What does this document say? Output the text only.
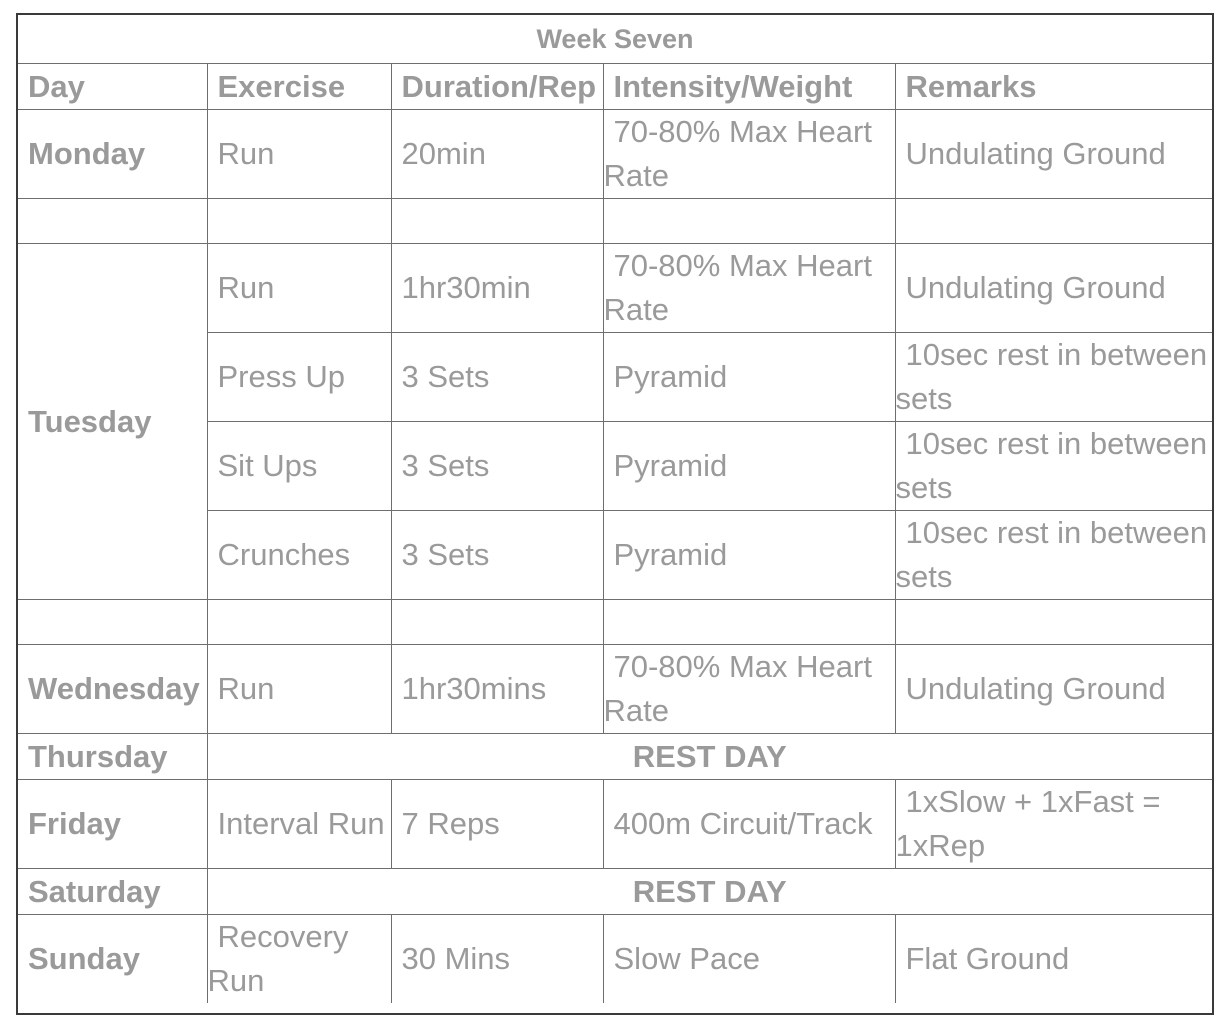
Week Seven				
Day	Exercise	Duration/Rep	Intensity/Weight	Remarks
Monday	Run	20min	70-80% Max Heart Rate	Undulating Ground

Tuesday	Run	1hr30min	70-80% Max Heart Rate	Undulating Ground
	Press Up	3 Sets	Pyramid	10sec rest in between sets
	Sit Ups	3 Sets	Pyramid	10sec rest in between sets
	Crunches	3 Sets	Pyramid	10sec rest in between sets

Wednesday	Run	1hr30mins	70-80% Max Heart Rate	Undulating Ground
Thursday	REST DAY			
Friday	Interval Run	7 Reps	400m Circuit/Track	1xSlow + 1xFast = 1xRep
Saturday	REST DAY			
Sunday	Recovery Run	30 Mins	Slow Pace	Flat Ground
